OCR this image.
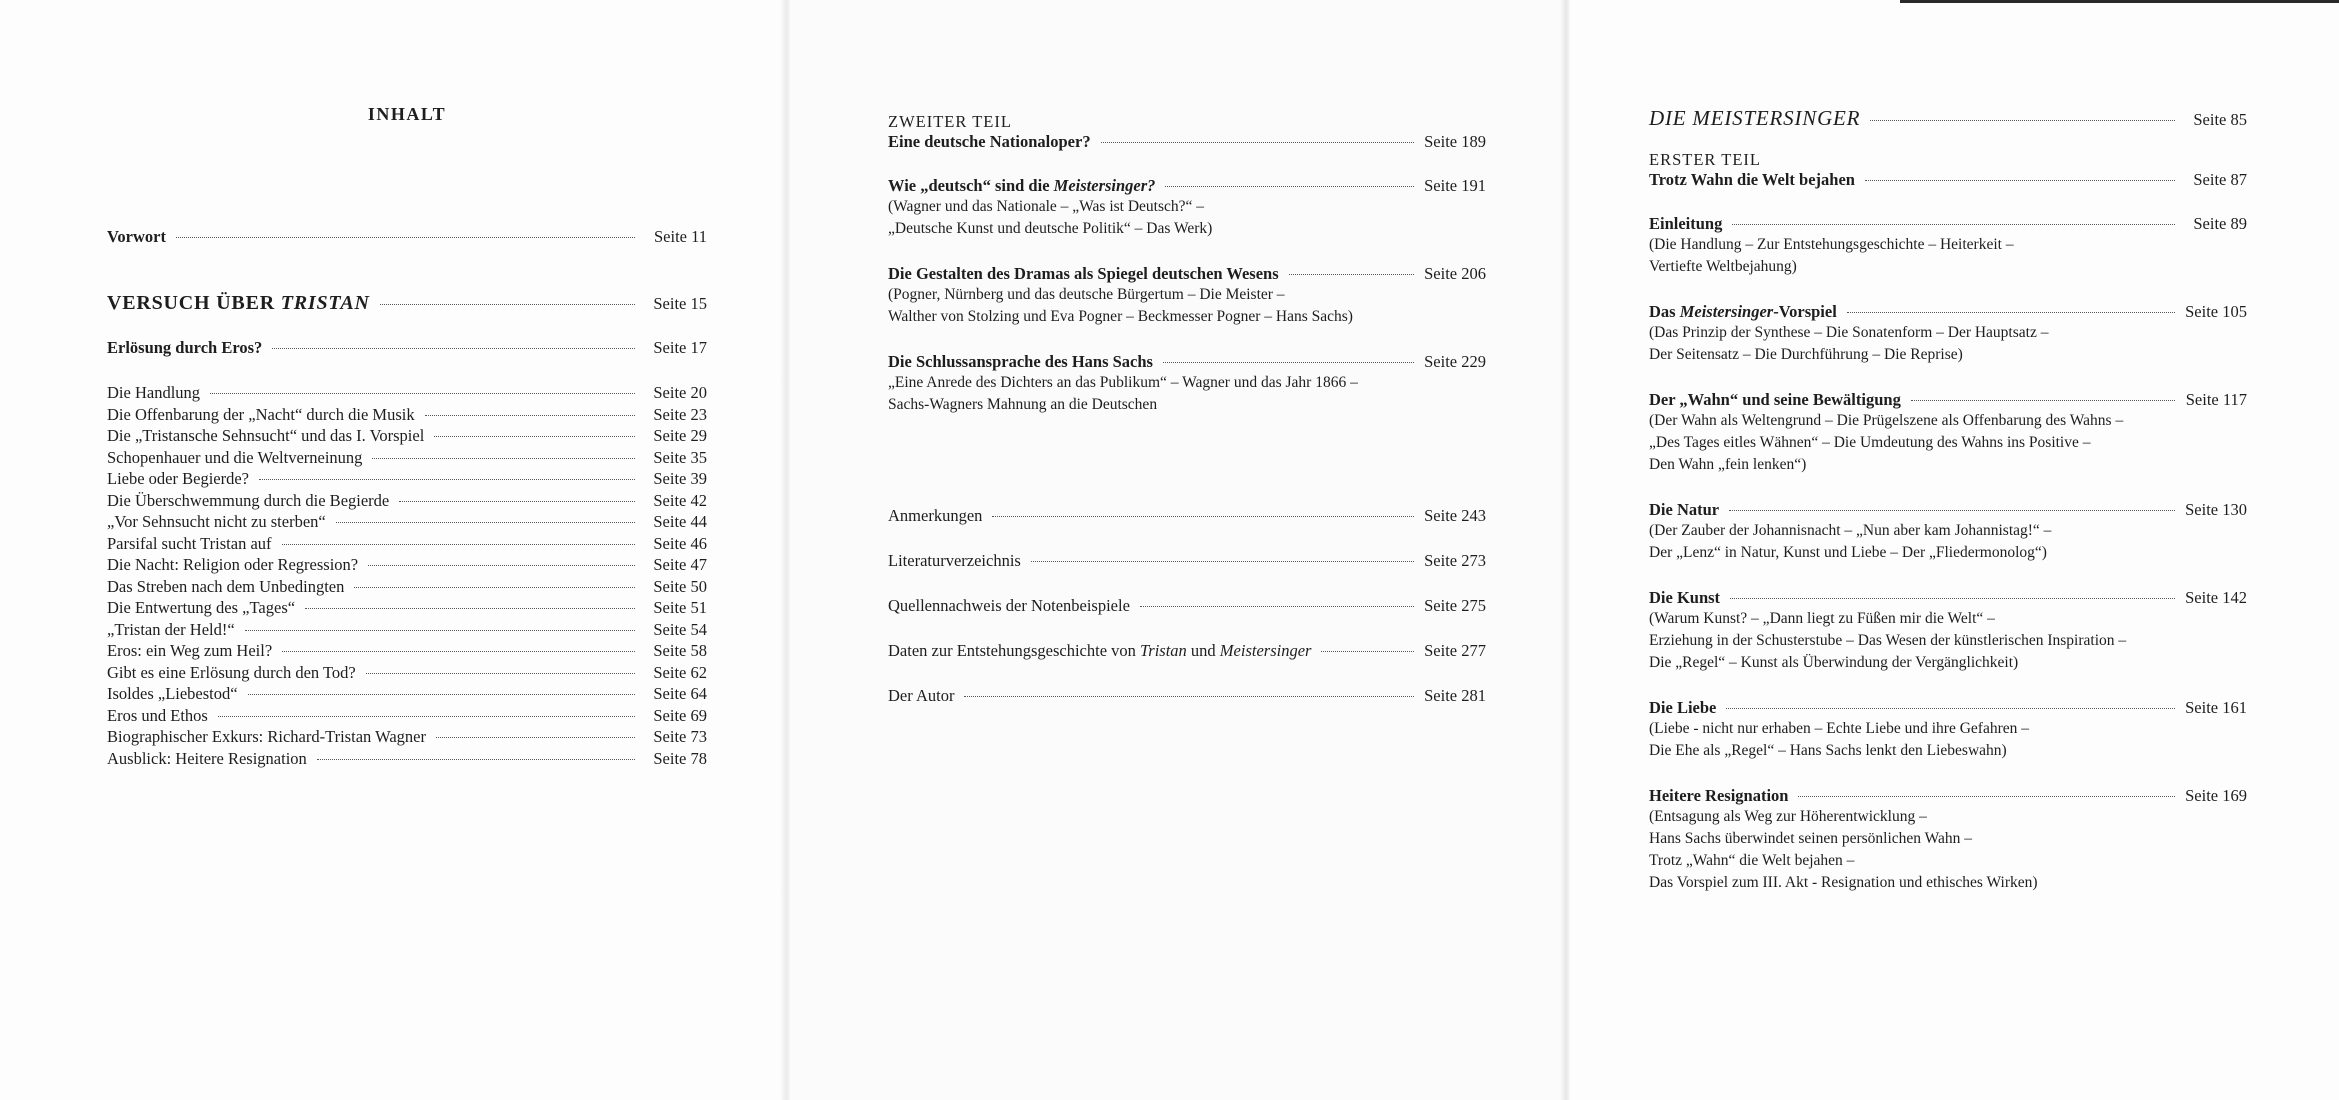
INHALT
Vorwort	Seite 11
VERSUCH ÜBER TRISTAN	Seite 15
Erlösung durch Eros?	Seite 17
Die Handlung	Seite 20
Die Offenbarung der „Nacht“ durch die Musik	Seite 23
Die „Tristansche Sehnsucht“ und das I. Vorspiel	Seite 29
Schopenhauer und die Weltverneinung	Seite 35
Liebe oder Begierde?	Seite 39
Die Überschwemmung durch die Begierde	Seite 42
„Vor Sehnsucht nicht zu sterben“	Seite 44
Parsifal sucht Tristan auf	Seite 46
Die Nacht: Religion oder Regression?	Seite 47
Das Streben nach dem Unbedingten	Seite 50
Die Entwertung des „Tages“	Seite 51
„Tristan der Held!“	Seite 54
Eros: ein Weg zum Heil?	Seite 58
Gibt es eine Erlösung durch den Tod?	Seite 62
Isoldes „Liebestod“	Seite 64
Eros und Ethos	Seite 69
Biographischer Exkurs: Richard-Tristan Wagner	Seite 73
Ausblick: Heitere Resignation	Seite 78
ZWEITER TEIL
Eine deutsche Nationaloper?	Seite 189
Wie „deutsch“ sind die Meistersinger?	Seite 191
(Wagner und das Nationale – „Was ist Deutsch?“ –
„Deutsche Kunst und deutsche Politik“ – Das Werk)
Die Gestalten des Dramas als Spiegel deutschen Wesens	Seite 206
(Pogner, Nürnberg und das deutsche Bürgertum – Die Meister –
Walther von Stolzing und Eva Pogner – Beckmesser Pogner – Hans Sachs)
Die Schlussansprache des Hans Sachs	Seite 229
„Eine Anrede des Dichters an das Publikum“ – Wagner und das Jahr 1866 –
Sachs-Wagners Mahnung an die Deutschen
Anmerkungen	Seite 243
Literaturverzeichnis	Seite 273
Quellennachweis der Notenbeispiele	Seite 275
Daten zur Entstehungsgeschichte von Tristan und Meistersinger	Seite 277
Der Autor	Seite 281
DIE MEISTERSINGER	Seite 85
ERSTER TEIL
Trotz Wahn die Welt bejahen	Seite 87
Einleitung	Seite 89
(Die Handlung – Zur Entstehungsgeschichte – Heiterkeit –
Vertiefte Weltbejahung)
Das Meistersinger-Vorspiel	Seite 105
(Das Prinzip der Synthese – Die Sonatenform – Der Hauptsatz –
Der Seitensatz – Die Durchführung – Die Reprise)
Der „Wahn“ und seine Bewältigung	Seite 117
(Der Wahn als Weltengrund – Die Prügelszene als Offenbarung des Wahns –
„Des Tages eitles Wähnen“ – Die Umdeutung des Wahns ins Positive –
Den Wahn „fein lenken“)
Die Natur	Seite 130
(Der Zauber der Johannisnacht – „Nun aber kam Johannistag!“ –
Der „Lenz“ in Natur, Kunst und Liebe – Der „Fliedermonolog“)
Die Kunst	Seite 142
(Warum Kunst? – „Dann liegt zu Füßen mir die Welt“ –
Erziehung in der Schusterstube – Das Wesen der künstlerischen Inspiration –
Die „Regel“ – Kunst als Überwindung der Vergänglichkeit)
Die Liebe	Seite 161
(Liebe - nicht nur erhaben – Echte Liebe und ihre Gefahren –
Die Ehe als „Regel“ – Hans Sachs lenkt den Liebeswahn)
Heitere Resignation	Seite 169
(Entsagung als Weg zur Höherentwicklung –
Hans Sachs überwindet seinen persönlichen Wahn –
Trotz „Wahn“ die Welt bejahen –
Das Vorspiel zum III. Akt - Resignation und ethisches Wirken)
